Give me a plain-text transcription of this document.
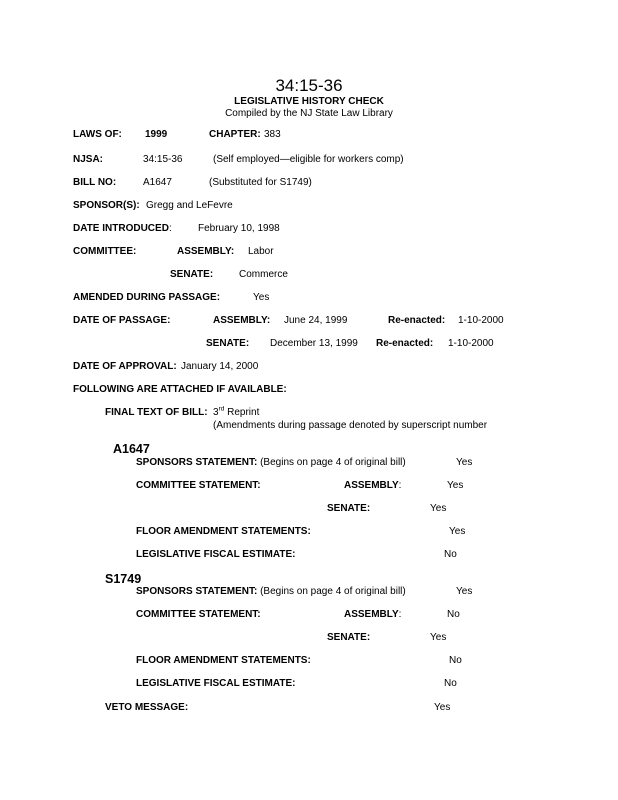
34:15-36
LEGISLATIVE HISTORY CHECK
Compiled by the NJ State Law Library
LAWS OF: 1999	CHAPTER: 383
NJSA:	34:15-36	(Self employed—eligible for workers comp)
BILL NO:	A1647	(Substituted for S1749)
SPONSOR(S): Gregg and LeFevre
DATE INTRODUCED:	February 10, 1998
COMMITTEE:	ASSEMBLY: Labor
SENATE:	Commerce
AMENDED DURING PASSAGE:	Yes
DATE OF PASSAGE:	ASSEMBLY: June 24, 1999	Re-enacted: 1-10-2000
SENATE: December 13, 1999 Re-enacted: 1-10-2000
DATE OF APPROVAL: January 14, 2000
FOLLOWING ARE ATTACHED IF AVAILABLE:
FINAL TEXT OF BILL: 3rd Reprint
(Amendments during passage denoted by superscript number
A1647
SPONSORS STATEMENT: (Begins on page 4 of original bill)	Yes
COMMITTEE STATEMENT:	ASSEMBLY:	Yes
SENATE:	Yes
FLOOR AMENDMENT STATEMENTS:	Yes
LEGISLATIVE FISCAL ESTIMATE:	No
S1749
SPONSORS STATEMENT: (Begins on page 4 of original bill)	Yes
COMMITTEE STATEMENT:	ASSEMBLY:	No
SENATE:	Yes
FLOOR AMENDMENT STATEMENTS:	No
LEGISLATIVE FISCAL ESTIMATE:	No
VETO MESSAGE:	Yes
